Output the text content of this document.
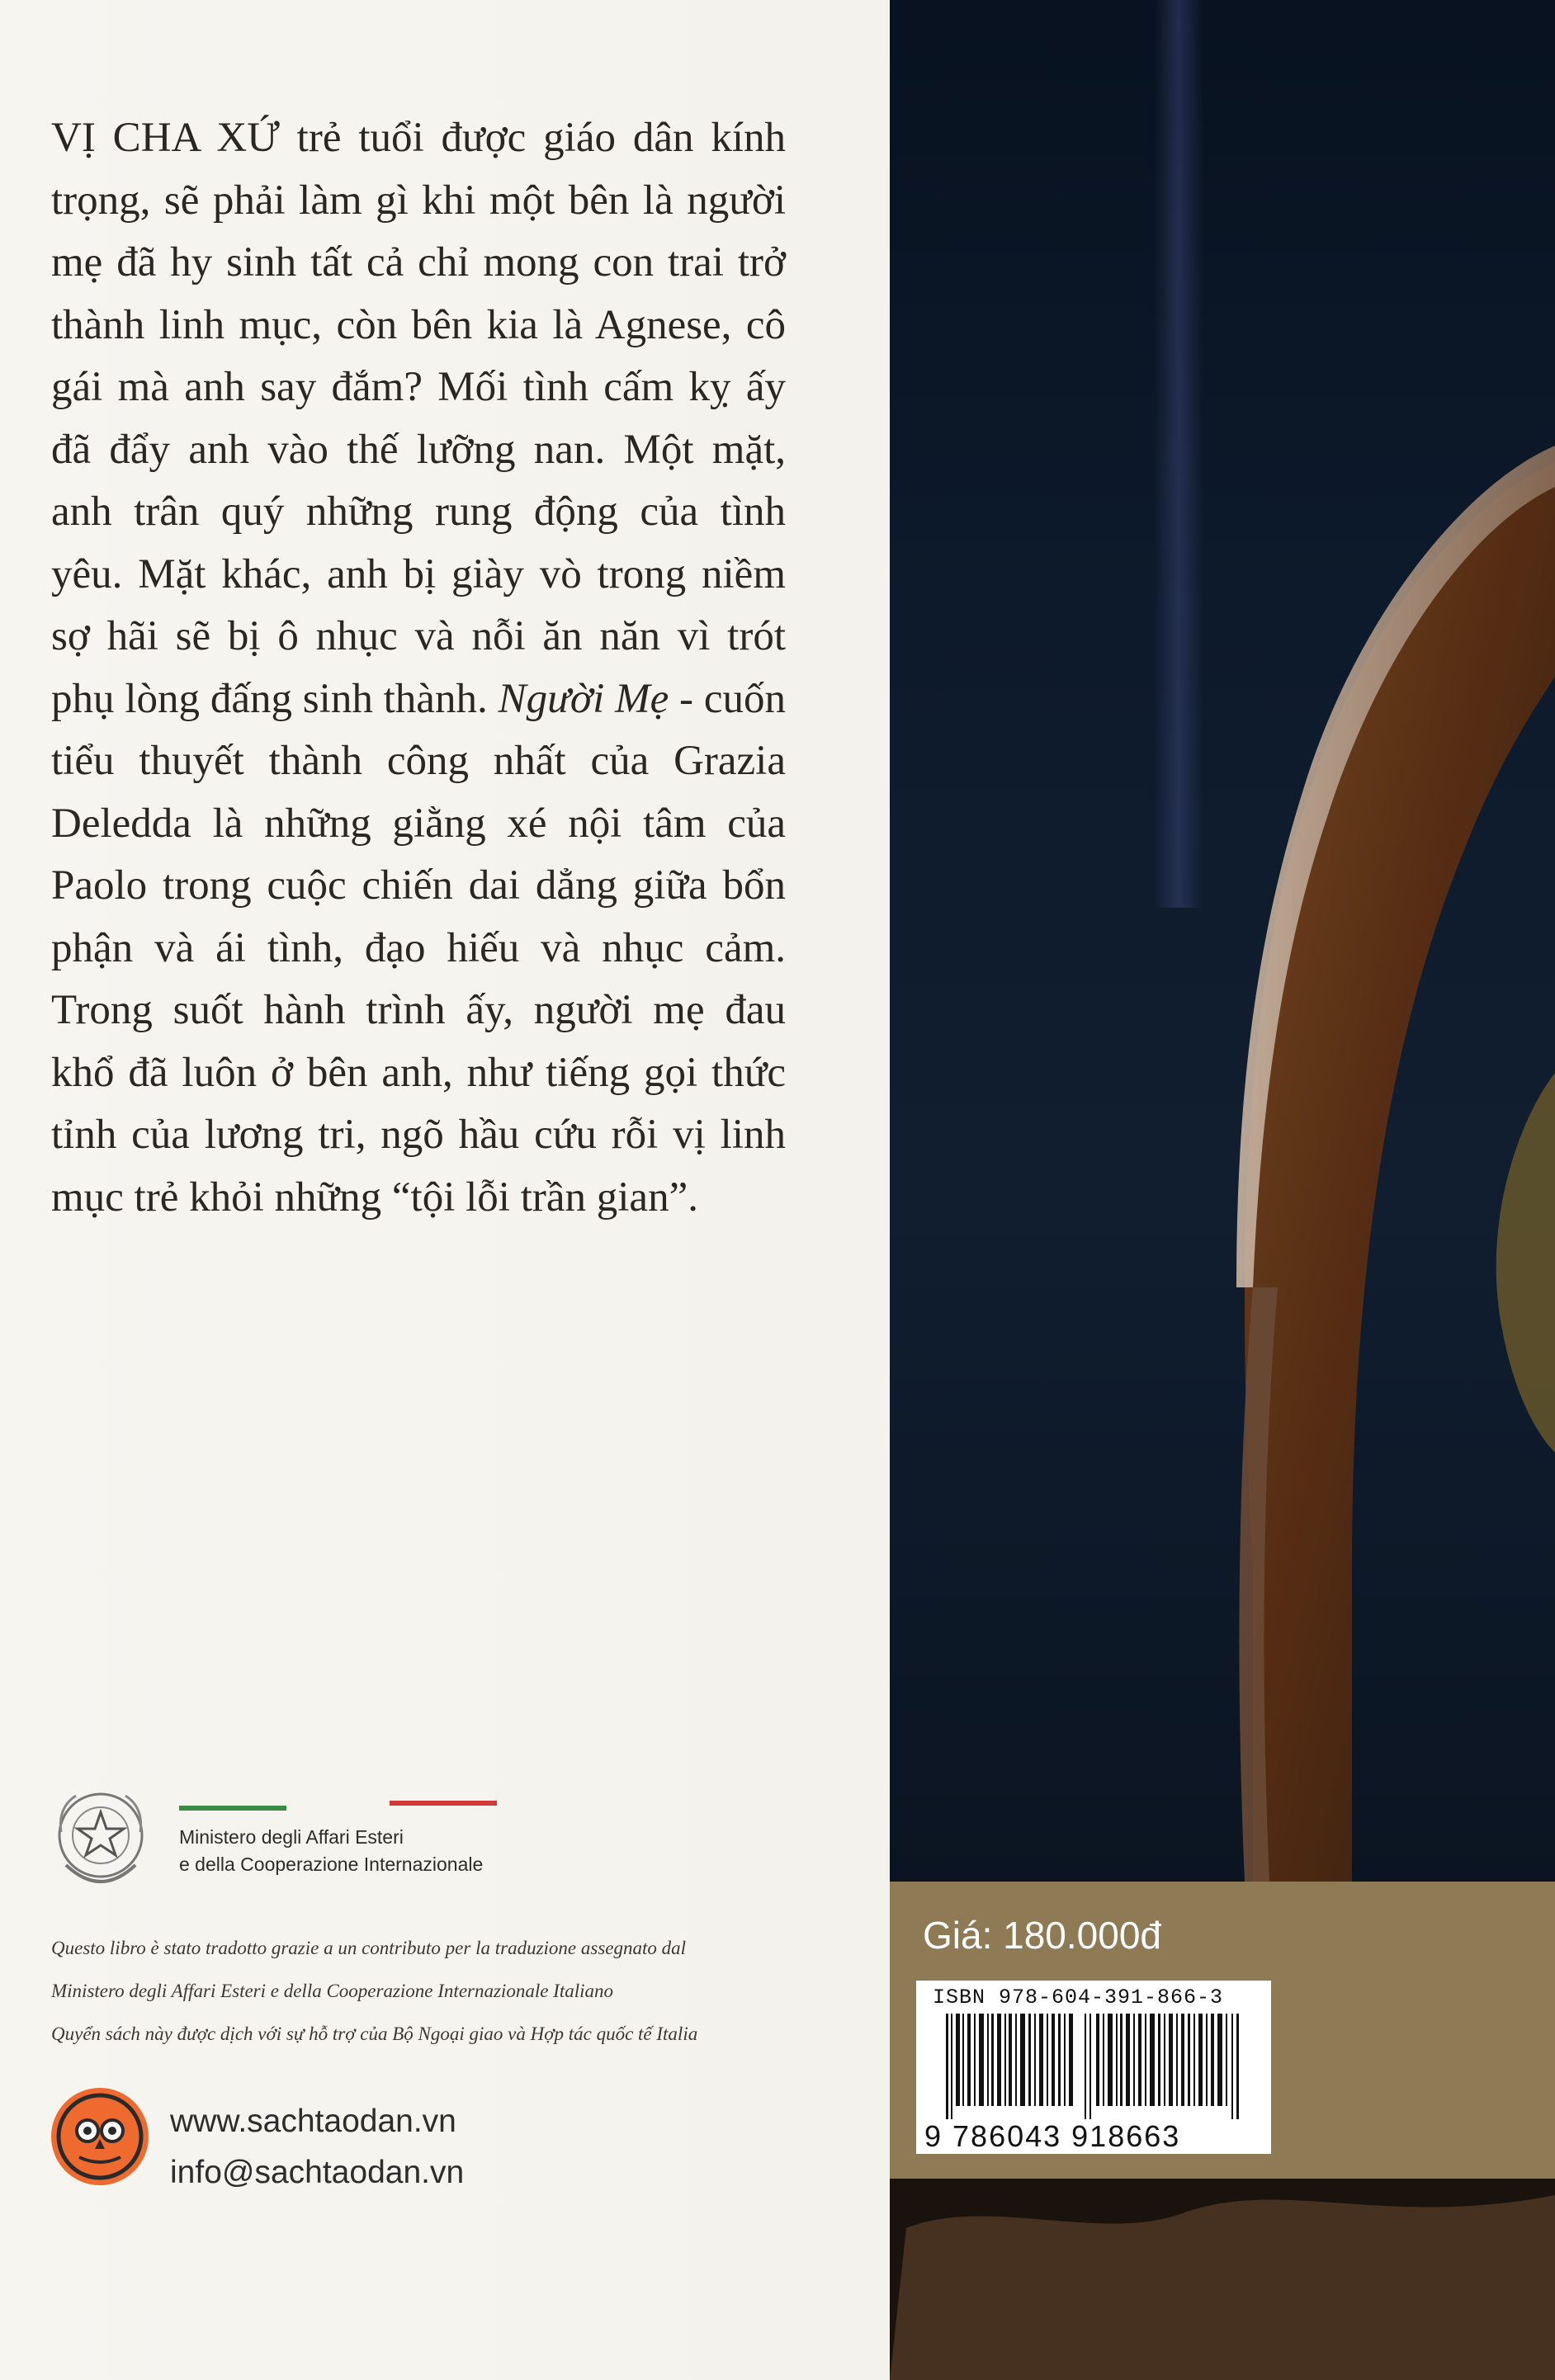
VỊ CHA XỨ trẻ tuổi được giáo dân kính trọng, sẽ phải làm gì khi một bên là người mẹ đã hy sinh tất cả chỉ mong con trai trở thành linh mục, còn bên kia là Agnese, cô gái mà anh say đắm? Mối tình cấm kỵ ấy đã đẩy anh vào thế lưỡng nan. Một mặt, anh trân quý những rung động của tình yêu. Mặt khác, anh bị giày vò trong niềm sợ hãi sẽ bị ô nhục và nỗi ăn năn vì trót phụ lòng đấng sinh thành. Người Mẹ - cuốn tiểu thuyết thành công nhất của Grazia Deledda là những giằng xé nội tâm của Paolo trong cuộc chiến dai dẳng giữa bổn phận và ái tình, đạo hiếu và nhục cảm. Trong suốt hành trình ấy, người mẹ đau khổ đã luôn ở bên anh, như tiếng gọi thức tỉnh của lương tri, ngõ hầu cứu rỗi vị linh mục trẻ khỏi những “tội lỗi trần gian”.
Ministero degli Affari Esteri
e della Cooperazione Internazionale
Questo libro è stato tradotto grazie a un contributo per la traduzione assegnato dal
Ministero degli Affari Esteri e della Cooperazione Internazionale Italiano
Quyển sách này được dịch với sự hỗ trợ của Bộ Ngoại giao và Hợp tác quốc tế Italia
www.sachtaodan.vn
info@sachtaodan.vn
Giá: 180.000đ
ISBN 978-604-391-866-3
9 786043 918663
